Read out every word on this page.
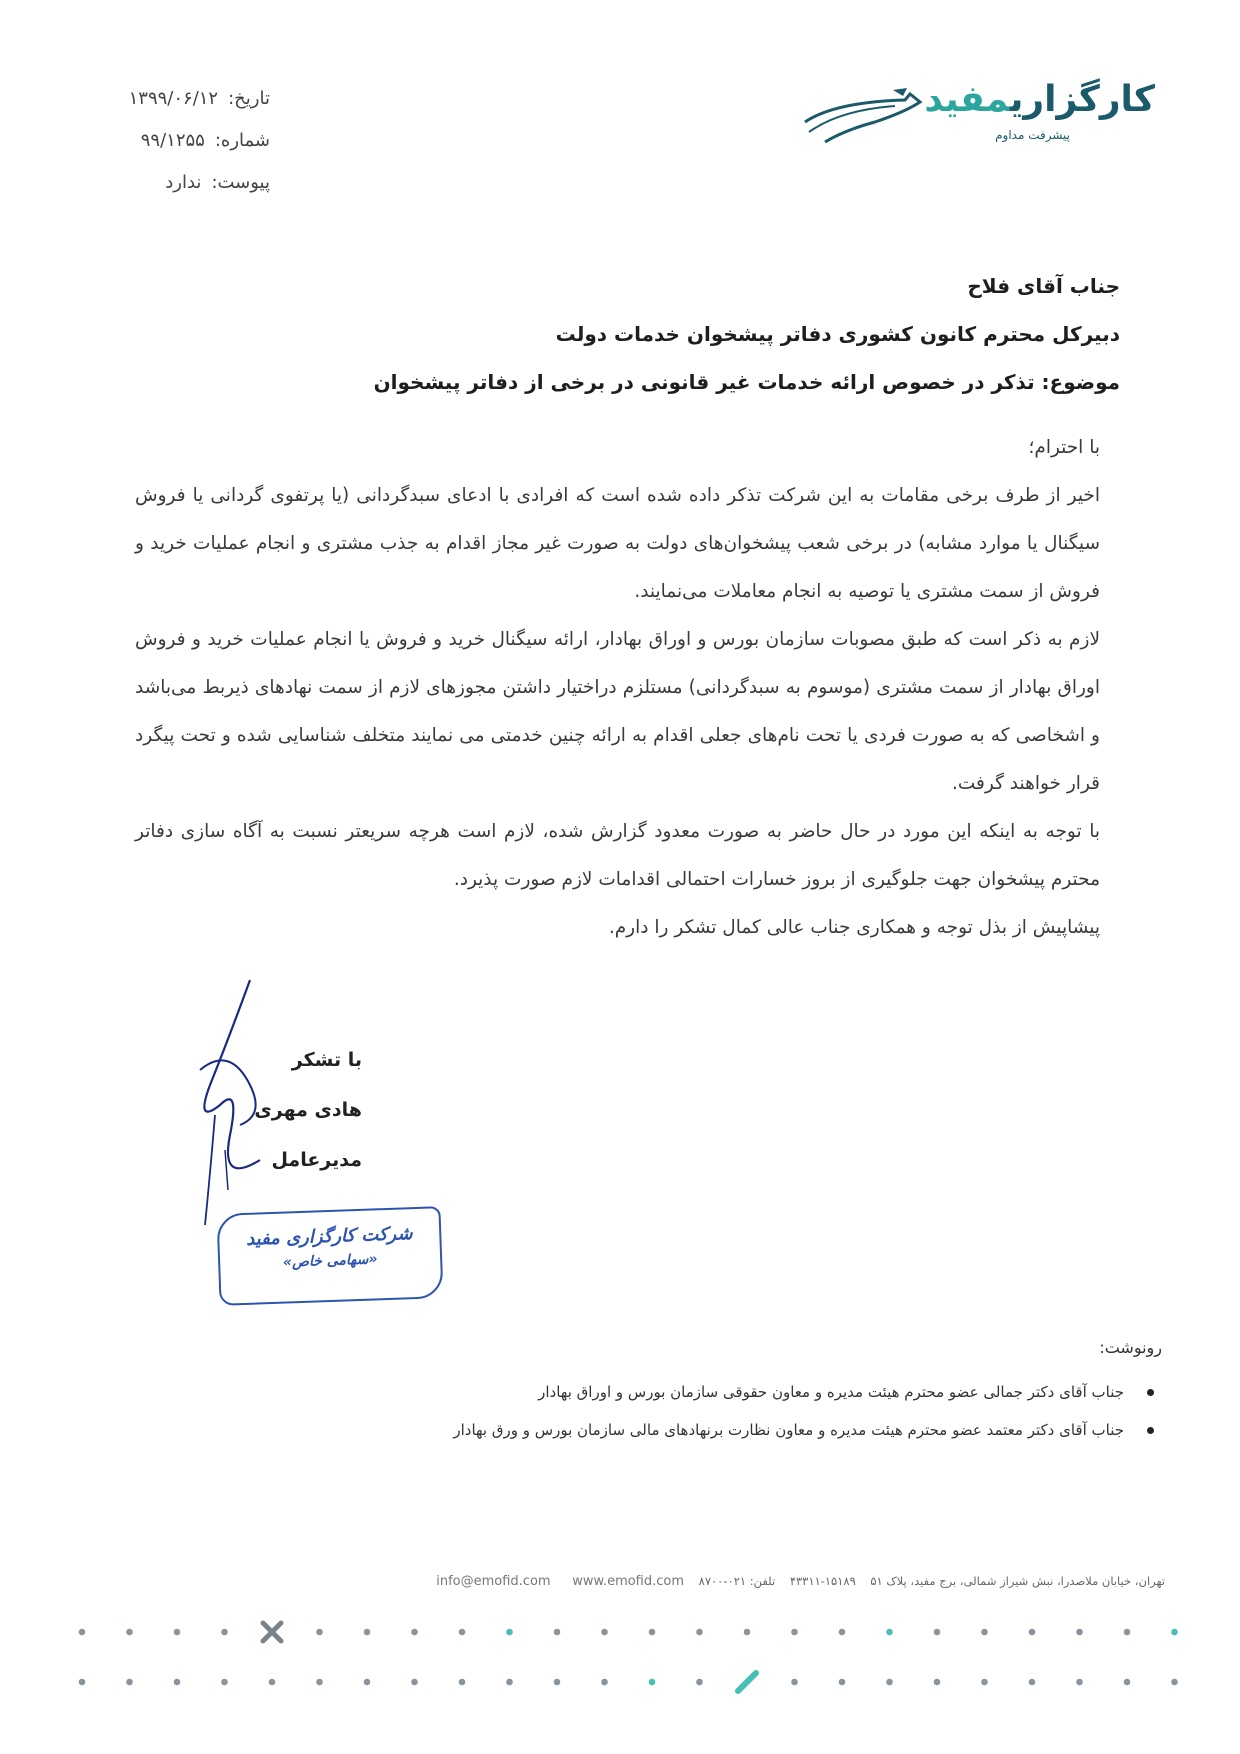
کارگزاریمفید
پیشرفت مداوم
تاریخ:۱۳۹۹/۰۶/۱۲
شماره:۹۹/۱۲۵۵
پیوست:ندارد
جناب آقای فلاح
دبیرکل محترم کانون کشوری دفاتر پیشخوان خدمات دولت
موضوع: تذکر در خصوص ارائه خدمات غیر قانونی در برخی از دفاتر پیشخوان

با احترام؛

اخیر از طرف برخی مقامات به این شرکت تذکر داده شده است که افرادی با ادعای سبدگردانی (یا پرتفوی گردانی یا فروش سیگنال یا موارد مشابه) در برخی شعب پیشخوان‌های دولت به صورت غیر مجاز اقدام به جذب مشتری و انجام عملیات خرید و فروش از سمت مشتری یا توصیه به انجام معاملات می‌نمایند.

لازم به ذکر است که طبق مصوبات سازمان بورس و اوراق بهادار، ارائه سیگنال خرید و فروش یا انجام عملیات خرید و فروش اوراق بهادار از سمت مشتری (موسوم به سبدگردانی) مستلزم دراختیار داشتن مجوزهای لازم از سمت نهادهای ذیربط می‌باشد و اشخاصی که به صورت فردی یا تحت نام‌های جعلی اقدام به ارائه چنین خدمتی می نمایند متخلف شناسایی شده و تحت پیگرد قرار خواهند گرفت.

با توجه به اینکه این مورد در حال حاضر به صورت معدود گزارش شده، لازم است هرچه سریعتر نسبت به آگاه سازی دفاتر محترم پیشخوان جهت جلوگیری از بروز خسارات احتمالی اقدامات لازم صورت پذیرد.

پیشاپیش از بذل توجه و همکاری جناب عالی کمال تشکر را دارم.

با تشکر
هادی مهری
مدیرعامل
شرکت کارگزاری مفید
«سهامی خاص»
رونوشت:
جناب آقای دکتر جمالی عضو محترم هیئت مدیره و معاون حقوقی سازمان بورس و اوراق بهادار
جناب آقای دکتر معتمد عضو محترم هیئت مدیره و معاون نظارت برنهادهای مالی سازمان بورس و ورق بهادار
تهران، خیابان ملاصدرا، نبش شیراز شمالی، برج مفید، پلاک ۵۱    ۱۵۱۸۹-۴۳۳۱۱    تلفن: ۰۲۱-۸۷۰۰    info@emofid.com www.emofid.com
